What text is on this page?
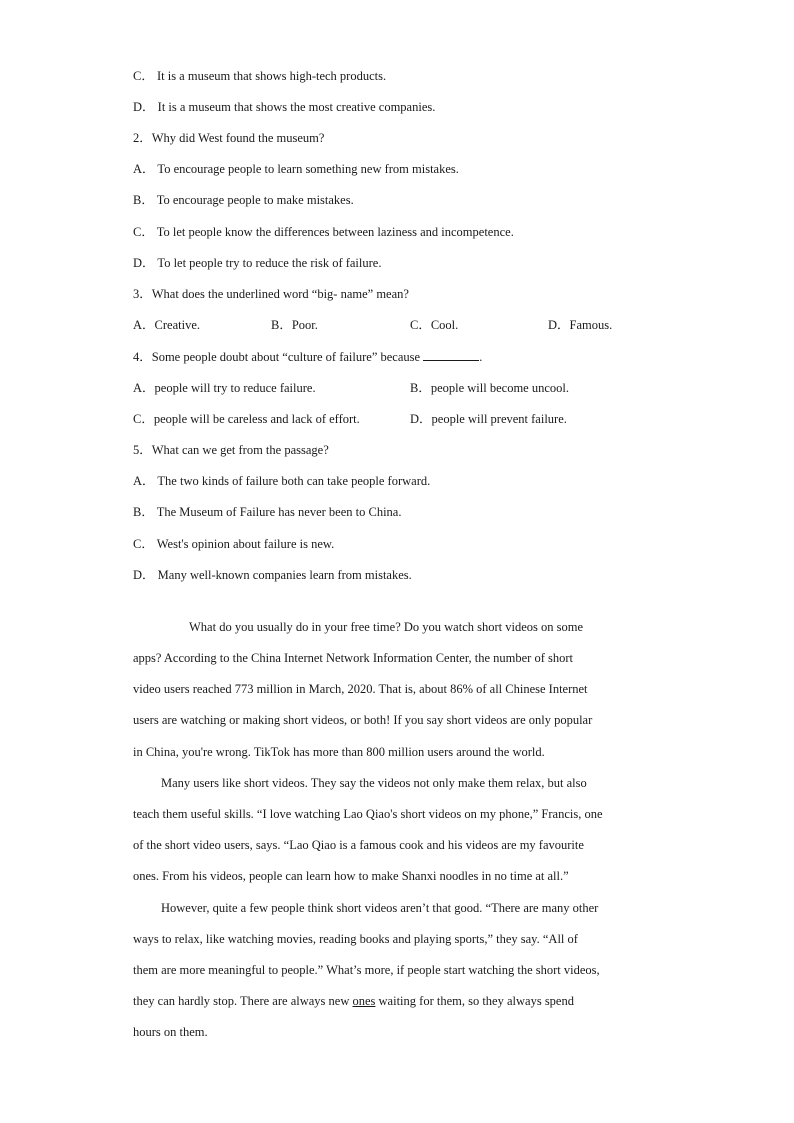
C． It is a museum that shows high-tech products.
D． It is a museum that shows the most creative companies.
2．Why did West found the museum?
A． To encourage people to learn something new from mistakes.
B． To encourage people to make mistakes.
C． To let people know the differences between laziness and incompetence.
D． To let people try to reduce the risk of failure.
3．What does the underlined word “big- name” mean?
A．Creative.	B．Poor.	C．Cool.	D．Famous.
4．Some people doubt about “culture of failure” because	.
A．people will try to reduce failure.	B．people will become uncool.
C．people will be careless and lack of effort.	D．people will prevent failure.
5．What can we get from the passage?
A． The two kinds of failure both can take people forward.
B． The Museum of Failure has never been to China.
C． West's opinion about failure is new.
D． Many well-known companies learn from mistakes.
What do you usually do in your free time? Do you watch short videos on some
apps? According to the China Internet Network Information Center, the number of short
video users reached 773 million in March, 2020. That is, about 86% of all Chinese Internet
users are watching or making short videos, or both! If you say short videos are only popular
in China, you're wrong. TikTok has more than 800 million users around the world.
Many users like short videos. They say the videos not only make them relax, but also
teach them useful skills. “I love watching Lao Qiao's short videos on my phone,” Francis, one
of the short video users, says. “Lao Qiao is a famous cook and his videos are my favourite
ones. From his videos, people can learn how to make Shanxi noodles in no time at all.”
However, quite a few people think short videos aren’t that good. “There are many other
ways to relax, like watching movies, reading books and playing sports,” they say. “All of
them are more meaningful to people.” What’s more, if people start watching the short videos,
they can hardly stop. There are always new ones waiting for them, so they always spend
hours on them.
